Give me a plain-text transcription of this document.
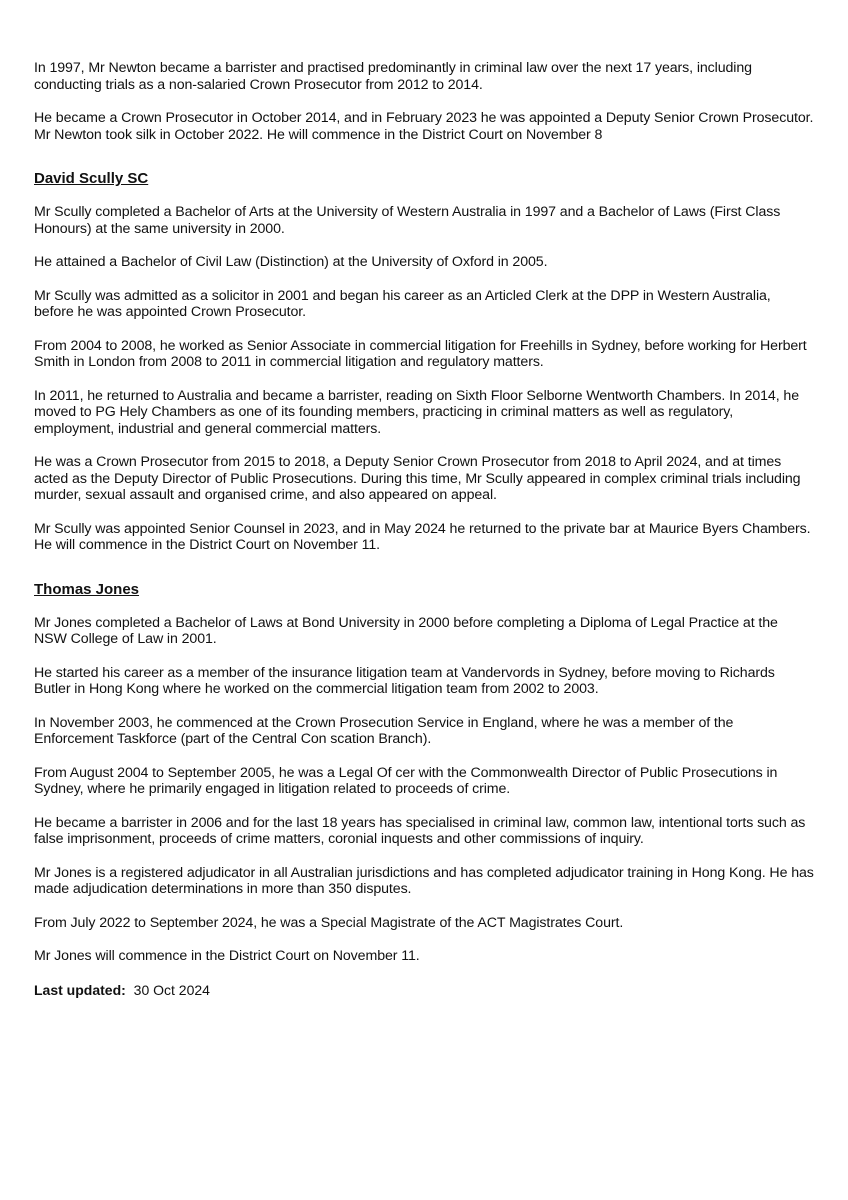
In 1997, Mr Newton became a barrister and practised predominantly in criminal law over the next 17 years, including conducting trials as a non-salaried Crown Prosecutor from 2012 to 2014.

He became a Crown Prosecutor in October 2014, and in February 2023 he was appointed a Deputy Senior Crown Prosecutor. Mr Newton took silk in October 2022. He will commence in the District Court on November 8

David Scully SC

Mr Scully completed a Bachelor of Arts at the University of Western Australia in 1997 and a Bachelor of Laws (First Class Honours) at the same university in 2000.

He attained a Bachelor of Civil Law (Distinction) at the University of Oxford in 2005.

Mr Scully was admitted as a solicitor in 2001 and began his career as an Articled Clerk at the DPP in Western Australia, before he was appointed Crown Prosecutor.

From 2004 to 2008, he worked as Senior Associate in commercial litigation for Freehills in Sydney, before working for Herbert Smith in London from 2008 to 2011 in commercial litigation and regulatory matters.

In 2011, he returned to Australia and became a barrister, reading on Sixth Floor Selborne Wentworth Chambers. In 2014, he moved to PG Hely Chambers as one of its founding members, practicing in criminal matters as well as regulatory, employment, industrial and general commercial matters.

He was a Crown Prosecutor from 2015 to 2018, a Deputy Senior Crown Prosecutor from 2018 to April 2024, and at times acted as the Deputy Director of Public Prosecutions. During this time, Mr Scully appeared in complex criminal trials including murder, sexual assault and organised crime, and also appeared on appeal.

Mr Scully was appointed Senior Counsel in 2023, and in May 2024 he returned to the private bar at Maurice Byers Chambers. He will commence in the District Court on November 11.

Thomas Jones

Mr Jones completed a Bachelor of Laws at Bond University in 2000 before completing a Diploma of Legal Practice at the NSW College of Law in 2001.

He started his career as a member of the insurance litigation team at Vandervords in Sydney, before moving to Richards Butler in Hong Kong where he worked on the commercial litigation team from 2002 to 2003.

In November 2003, he commenced at the Crown Prosecution Service in England, where he was a member of the Enforcement Taskforce (part of the Central Con scation Branch).

From August 2004 to September 2005, he was a Legal Of cer with the Commonwealth Director of Public Prosecutions in Sydney, where he primarily engaged in litigation related to proceeds of crime.

He became a barrister in 2006 and for the last 18 years has specialised in criminal law, common law, intentional torts such as false imprisonment, proceeds of crime matters, coronial inquests and other commissions of inquiry.

Mr Jones is a registered adjudicator in all Australian jurisdictions and has completed adjudicator training in Hong Kong. He has made adjudication determinations in more than 350 disputes.

From July 2022 to September 2024, he was a Special Magistrate of the ACT Magistrates Court.

Mr Jones will commence in the District Court on November 11.

Last updated: 30 Oct 2024
